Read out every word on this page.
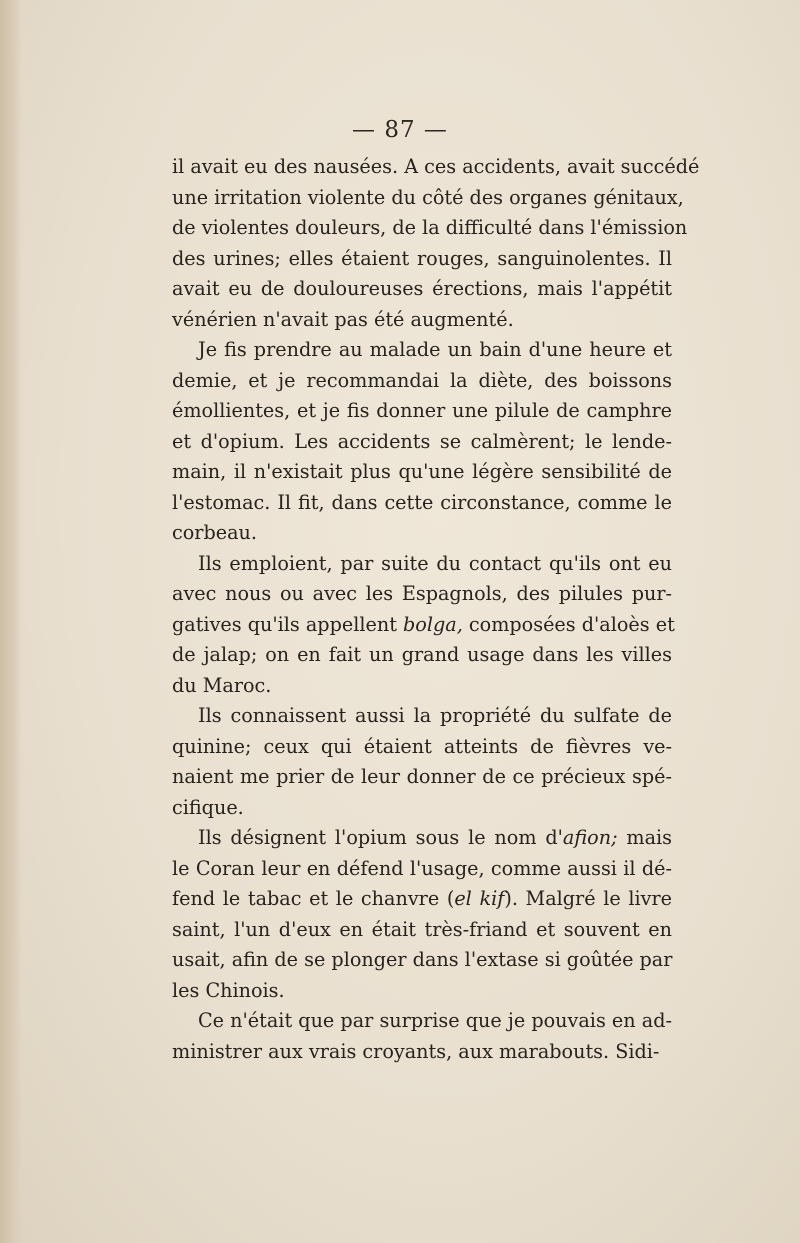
— 87 —
il avait eu des nausées. A ces accidents, avait succédé
une irritation violente du côté des organes génitaux,
de violentes douleurs, de la difficulté dans l'émission
des urines; elles étaient rouges, sanguinolentes. Il
avait eu de douloureuses érections, mais l'appétit
vénérien n'avait pas été augmenté.
Je fis prendre au malade un bain d'une heure et
demie, et je recommandai la diète, des boissons
émollientes, et je fis donner une pilule de camphre
et d'opium. Les accidents se calmèrent; le lende-
main, il n'existait plus qu'une légère sensibilité de
l'estomac. Il fit, dans cette circonstance, comme le
corbeau.
Ils emploient, par suite du contact qu'ils ont eu
avec nous ou avec les Espagnols, des pilules pur-
gatives qu'ils appellent bolga, composées d'aloès et
de jalap; on en fait un grand usage dans les villes
du Maroc.
Ils connaissent aussi la propriété du sulfate de
quinine; ceux qui étaient atteints de fièvres ve-
naient me prier de leur donner de ce précieux spé-
cifique.
Ils désignent l'opium sous le nom d'afion; mais
le Coran leur en défend l'usage, comme aussi il dé-
fend le tabac et le chanvre (el kif). Malgré le livre
saint, l'un d'eux en était très-friand et souvent en
usait, afin de se plonger dans l'extase si goûtée par
les Chinois.
Ce n'était que par surprise que je pouvais en ad-
ministrer aux vrais croyants, aux marabouts. Sidi-
